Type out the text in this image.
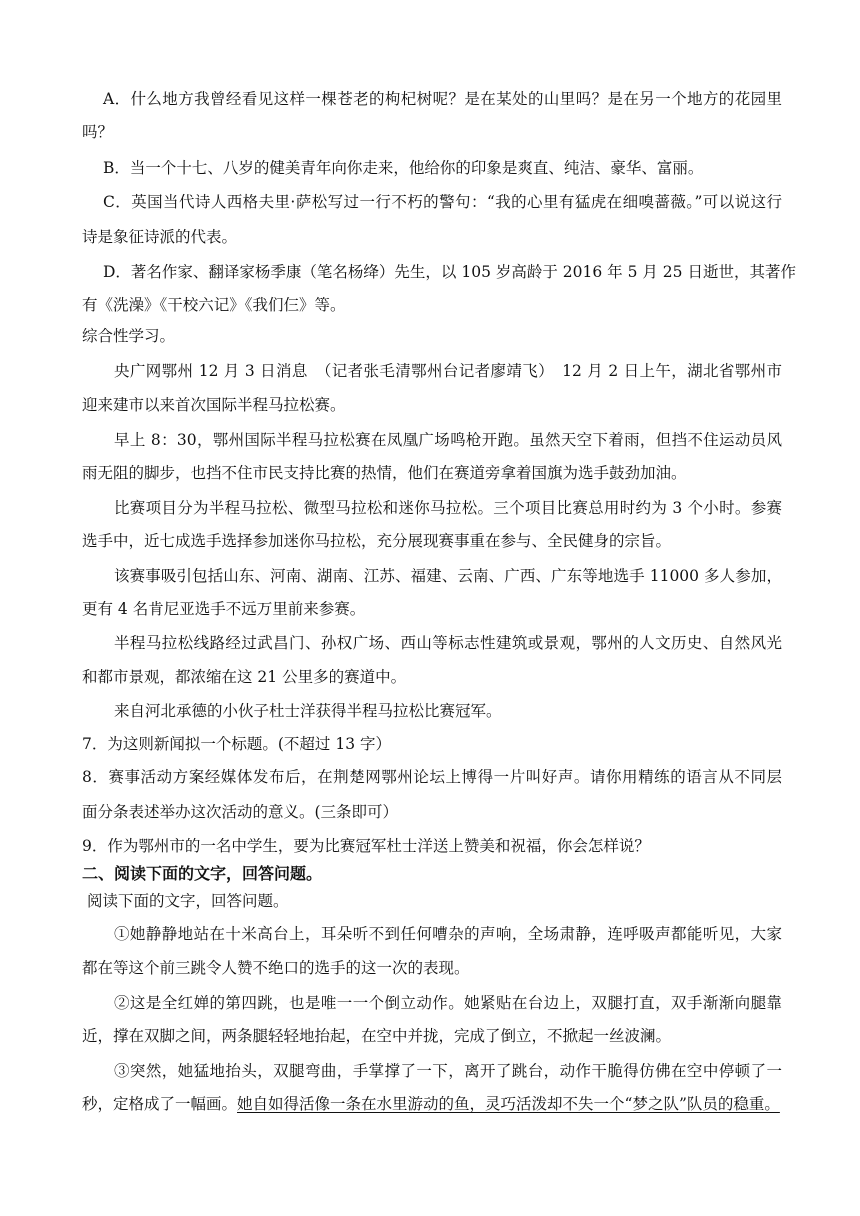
A．什么地方我曾经看见这样一棵苍老的枸杞树呢？是在某处的山里吗？是在另一个地方的花园里
吗？
B．当一个十七、八岁的健美青年向你走来，他给你的印象是爽直、纯洁、豪华、富丽。
C．英国当代诗人西格夫里·萨松写过一行不朽的警句：“我的心里有猛虎在细嗅蔷薇。”可以说这行
诗是象征诗派的代表。
D．著名作家、翻译家杨季康（笔名杨绛）先生，以 105 岁高龄于 2016 年 5 月 25 日逝世，其著作
有《洗澡》《干校六记》《我们仨》等。
综合性学习。
央广网鄂州 12 月 3 日消息　（记者张毛清鄂州台记者廖靖飞）　12 月 2 日上午，湖北省鄂州市
迎来建市以来首次国际半程马拉松赛。
早上 8：30，鄂州国际半程马拉松赛在凤凰广场鸣枪开跑。虽然天空下着雨，但挡不住运动员风
雨无阻的脚步，也挡不住市民支持比赛的热情，他们在赛道旁拿着国旗为选手鼓劲加油。
比赛项目分为半程马拉松、微型马拉松和迷你马拉松。三个项目比赛总用时约为 3 个小时。参赛
选手中，近七成选手选择参加迷你马拉松，充分展现赛事重在参与、全民健身的宗旨。
该赛事吸引包括山东、河南、湖南、江苏、福建、云南、广西、广东等地选手 11000 多人参加，
更有 4 名肯尼亚选手不远万里前来参赛。
半程马拉松线路经过武昌门、孙权广场、西山等标志性建筑或景观，鄂州的人文历史、自然风光
和都市景观，都浓缩在这 21 公里多的赛道中。
来自河北承德的小伙子杜士洋获得半程马拉松比赛冠军。
7．为这则新闻拟一个标题。(不超过 13 字）
8．赛事活动方案经媒体发布后，在荆楚网鄂州论坛上博得一片叫好声。请你用精练的语言从不同层
面分条表述举办这次活动的意义。(三条即可）
9．作为鄂州市的一名中学生，要为比赛冠军杜士洋送上赞美和祝福，你会怎样说？
二、阅读下面的文字，回答问题。
阅读下面的文字，回答问题。
①她静静地站在十米高台上，耳朵听不到任何嘈杂的声响，全场肃静，连呼吸声都能听见，大家
都在等这个前三跳令人赞不绝口的选手的这一次的表现。
②这是全红婵的第四跳，也是唯一一个倒立动作。她紧贴在台边上，双腿打直，双手渐渐向腿靠
近，撑在双脚之间，两条腿轻轻地抬起，在空中并拢，完成了倒立，不掀起一丝波澜。
③突然，她猛地抬头，双腿弯曲，手掌撑了一下，离开了跳台，动作干脆得仿佛在空中停顿了一
秒，定格成了一幅画。她自如得活像一条在水里游动的鱼，灵巧活泼却不失一个“梦之队”队员的稳重。
